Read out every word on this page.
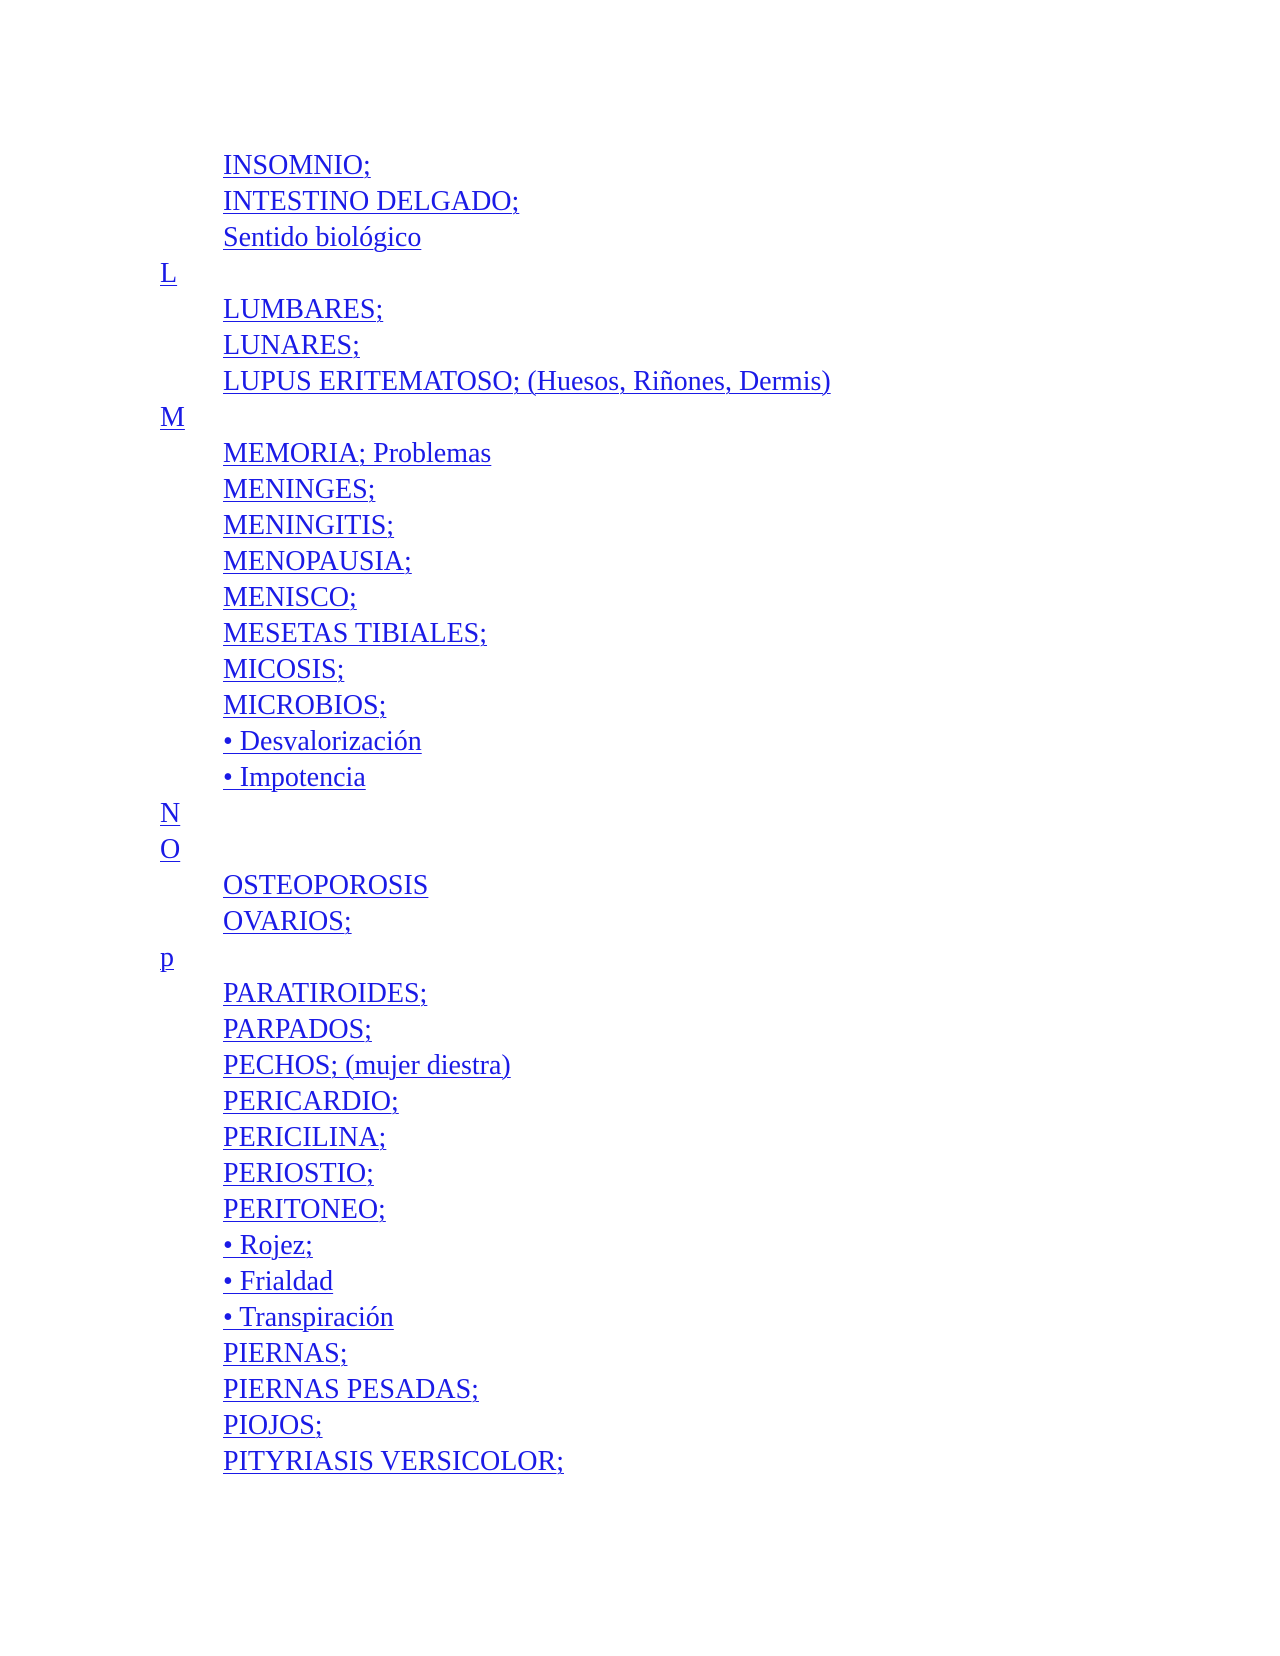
INSOMNIO;
INTESTINO DELGADO;
Sentido biológico
L
LUMBARES;
LUNARES;
LUPUS ERITEMATOSO; (Huesos, Riñones, Dermis)
M
MEMORIA; Problemas
MENINGES;
MENINGITIS;
MENOPAUSIA;
MENISCO;
MESETAS TIBIALES;
MICOSIS;
MICROBIOS;
• Desvalorización
• Impotencia
N
O
OSTEOPOROSIS
OVARIOS;
p
PARATIROIDES;
PARPADOS;
PECHOS; (mujer diestra)
PERICARDIO;
PERICILINA;
PERIOSTIO;
PERITONEO;
• Rojez;
• Frialdad
• Transpiración
PIERNAS;
PIERNAS PESADAS;
PIOJOS;
PITYRIASIS VERSICOLOR;
